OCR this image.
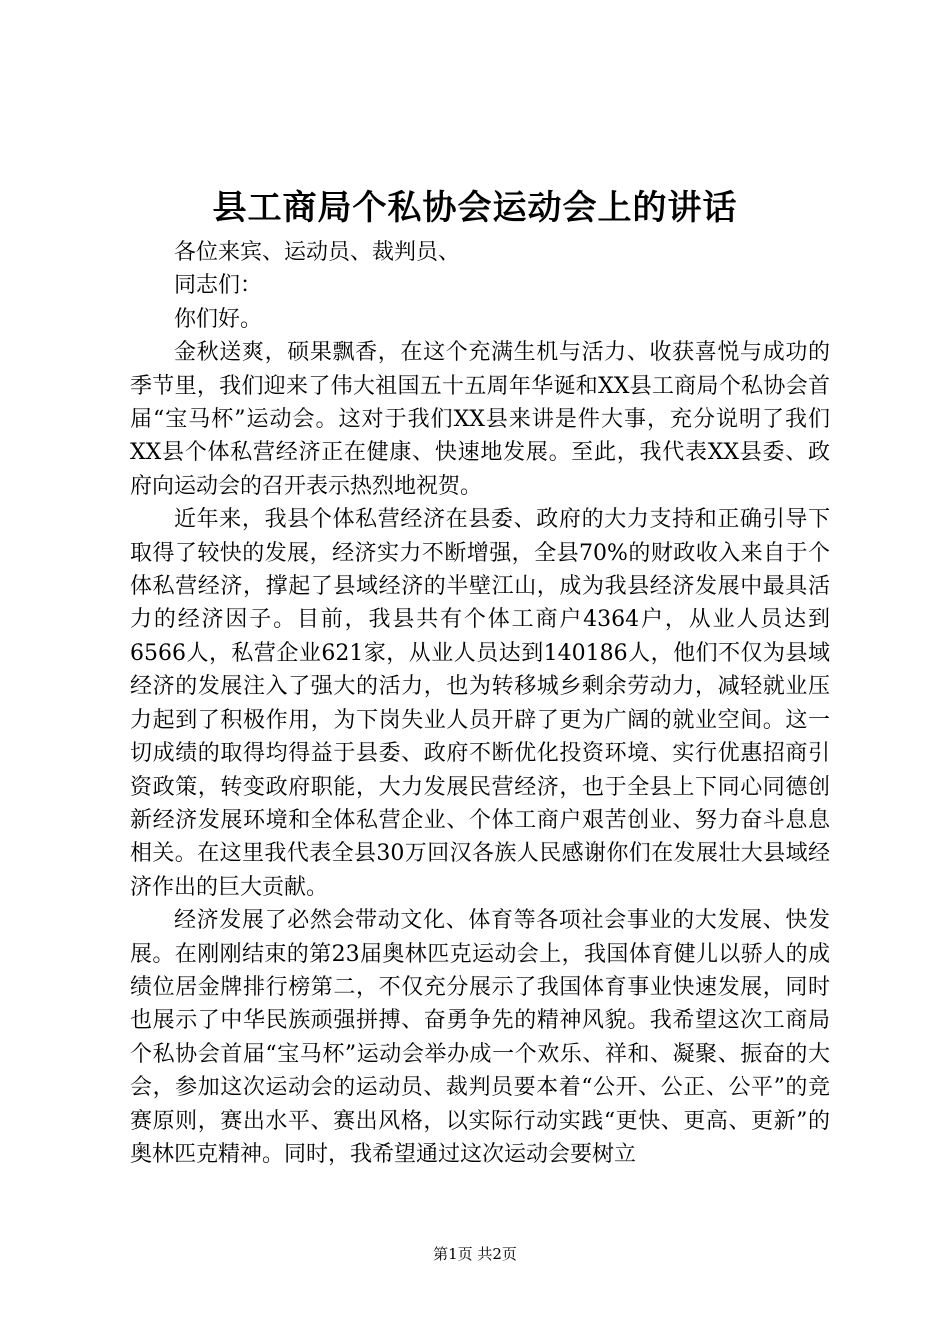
县工商局个私协会运动会上的讲话

各位来宾、运动员、裁判员、

同志们：

你们好。

金秋送爽，硕果飘香，在这个充满生机与活力、收获喜悦与成功的季节里，我们迎来了伟大祖国五十五周年华诞和XX县工商局个私协会首届“宝马杯”运动会。这对于我们XX县来讲是件大事，充分说明了我们XX县个体私营经济正在健康、快速地发展。至此，我代表XX县委、政府向运动会的召开表示热烈地祝贺。

近年来，我县个体私营经济在县委、政府的大力支持和正确引导下取得了较快的发展，经济实力不断增强，全县70%的财政收入来自于个体私营经济，撑起了县域经济的半壁江山，成为我县经济发展中最具活力的经济因子。目前，我县共有个体工商户4364户，从业人员达到6566人，私营企业621家，从业人员达到140186人，他们不仅为县域经济的发展注入了强大的活力，也为转移城乡剩余劳动力，减轻就业压力起到了积极作用，为下岗失业人员开辟了更为广阔的就业空间。这一切成绩的取得均得益于县委、政府不断优化投资环境、实行优惠招商引资政策，转变政府职能，大力发展民营经济，也于全县上下同心同德创新经济发展环境和全体私营企业、个体工商户艰苦创业、努力奋斗息息相关。在这里我代表全县30万回汉各族人民感谢你们在发展壮大县域经济作出的巨大贡献。

经济发展了必然会带动文化、体育等各项社会事业的大发展、快发展。在刚刚结束的第23届奥林匹克运动会上，我国体育健儿以骄人的成绩位居金牌排行榜第二，不仅充分展示了我国体育事业快速发展，同时也展示了中华民族顽强拼搏、奋勇争先的精神风貌。我希望这次工商局个私协会首届“宝马杯”运动会举办成一个欢乐、祥和、凝聚、振奋的大会，参加这次运动会的运动员、裁判员要本着“公开、公正、公平”的竞赛原则，赛出水平、赛出风格，以实际行动实践“更快、更高、更新”的奥林匹克精神。同时，我希望通过这次运动会要树立

第1页 共2页
